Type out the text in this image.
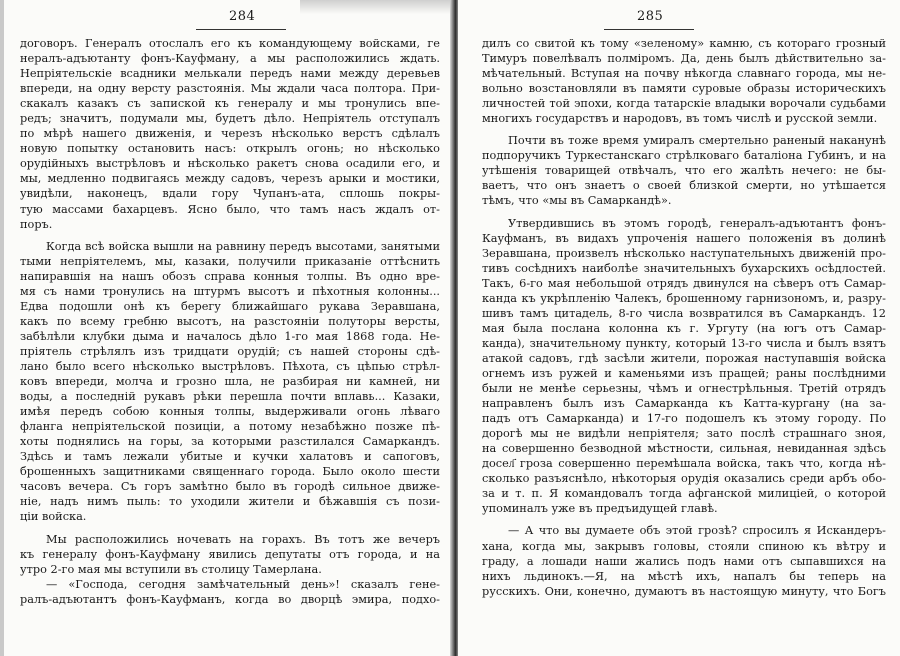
284
договоръ. Генералъ отослалъ его къ командующему войсками, ге
нералъ-адъютанту фонъ-Кауфману, а мы расположились ждать.
Непріятельскіе всадники мелькали передъ нами между деревьев
впереди, на одну версту разстоянія. Мы ждали часа полтора. При-
скакалъ казакъ съ запиской къ генералу и мы тронулись впе-
редъ; значитъ, подумали мы, будетъ дѣло. Непріятель отступалъ
по мѣрѣ нашего движенія, и черезъ нѣсколько верстъ сдѣлалъ
новую попытку остановить насъ: открылъ огонь; но нѣсколько
орудійныхъ выстрѣловъ и нѣсколько ракетъ снова осадили его, и
мы, медленно подвигаясь между садовъ, черезъ арыки и мостики,
увидѣли, наконецъ, вдали гору Чупанъ-ата, сплошь покры-
тую массами бахарцевъ. Ясно было, что тамъ насъ ждалъ от-
поръ.
Когда всѣ войска вышли на равнину передъ высотами, занятыми
тыми непріятелемъ, мы, казаки, получили приказаніе оттѣснить
напиравшія на нашъ обозъ справа конныя толпы. Въ одно вре-
мя съ нами тронулись на штурмъ высотъ и пѣхотныя колонны...
Едва подошли онѣ къ берегу ближайшаго рукава Зеравшана,
какъ по всему гребню высотъ, на разстояніи полуторы версты,
забѣлѣли клубки дыма и началось дѣло 1-го мая 1868 года. Не-
пріятель стрѣлялъ изъ тридцати орудій; съ нашей стороны сдѣ-
лано было всего нѣсколько выстрѣловъ. Пѣхота, съ цѣпью стрѣл-
ковъ впереди, молча и грозно шла, не разбирая ни камней, ни
воды, а последній рукавъ рѣки перешла почти вплавь... Казаки,
имѣя передъ собою конныя толпы, выдерживали огонь лѣваго
фланга непріятельской позиціи, а потому незабѣжно позже пѣ-
хоты поднялись на горы, за которыми разстилался Самаркандъ.
Здѣсь и тамъ лежали убитые и кучки халатовъ и сапоговъ,
брошенныхъ защитниками священнаго города. Было около шести
часовъ вечера. Съ горъ замѣтно было въ городѣ сильное движе-
ніе, надъ нимъ пыль: то уходили жители и бѣжавшія съ пози-
ціи войска.
Мы расположились ночевать на горахъ. Въ тотъ же вечеръ
къ генералу фонъ-Кауфману явились депутаты отъ города, и на
утро 2-го мая мы вступили въ столицу Тамерлана.
— «Господа, сегодня замѣчательный день»! сказалъ гене-
ралъ-адъютантъ фонъ-Кауфманъ, когда во дворцѣ эмира, подхо-
285
дилъ со свитой къ тому «зеленому» камню, съ котораго грозный
Тимуръ повелѣвалъ полміромъ. Да, день былъ дѣйствительно за-
мѣчательный. Вступая на почву нѣкогда славнаго города, мы не-
вольно возстановляли въ памяти суровые образы историческихъ
личностей той эпохи, когда татарскіе владыки ворочали судьбами
многихъ государствъ и народовъ, въ томъ числѣ и русской земли.
Почти въ тоже время умиралъ смертельно раненый наканунѣ
подпоручикъ Туркестанскаго стрѣлковаго баталіона Губинъ, и на
утѣшенія товарищей отвѣчалъ, что его жалѣть нечего: не бы-
ваетъ, что онъ знаетъ о своей близкой смерти, но утѣшается
тѣмъ, что «мы въ Самаркандѣ».
Утвердившись въ этомъ городѣ, генералъ-адъютантъ фонъ-
Кауфманъ, въ видахъ упроченія нашего положенія въ долинѣ
Зеравшана, произвелъ нѣсколько наступательныхъ движеній про-
тивъ сосѣднихъ наиболѣе значительныхъ бухарскихъ осѣдлостей.
Такъ, 6-го мая небольшой отрядъ двинулся на сѣверъ отъ Самар-
канда къ укрѣпленію Чалекъ, брошенному гарнизономъ, и, разру-
шивъ тамъ цитадель, 8-го числа возвратился въ Самаркандъ. 12
мая была послана колонна къ г. Ургуту (на югъ отъ Самар-
канда), значительному пункту, который 13-го числа и былъ взятъ
атакой садовъ, гдѣ засѣли жители, порожая наступавшія войска
огнемъ изъ ружей и каменьями изъ пращей; раны послѣдними
были не менѣе серьезны, чѣмъ и огнестрѣльныя. Третій отрядъ
направленъ былъ изъ Самарканда къ Катта-кургану (на за-
падъ отъ Самарканда) и 17-го подошелъ къ этому городу. По
дорогѣ мы не видѣли непріятеля; зато послѣ страшнаго зноя,
на совершенно безводной мѣстности, сильная, невиданная здѣсь
досел҃ гроза совершенно перемѣшала войска, такъ что, когда нѣ-
сколько разъяснѣло, нѣкоторыя орудія оказались среди арбъ обо-
за и т. п. Я командовалъ тогда афганской милиціей, о которой
упоминалъ уже въ предъидущей главѣ.
— А что вы думаете объ этой грозѣ? спросилъ я Искандеръ-
хана, когда мы, закрывъ головы, стояли спиною къ вѣтру и
граду, а лошади наши жались подъ нами отъ сыпавшихся на
нихъ льдинокъ.—Я, на мѣстѣ ихъ, напалъ бы теперь на
русскихъ. Они, конечно, думаютъ въ настоящую минуту, что Богъ
